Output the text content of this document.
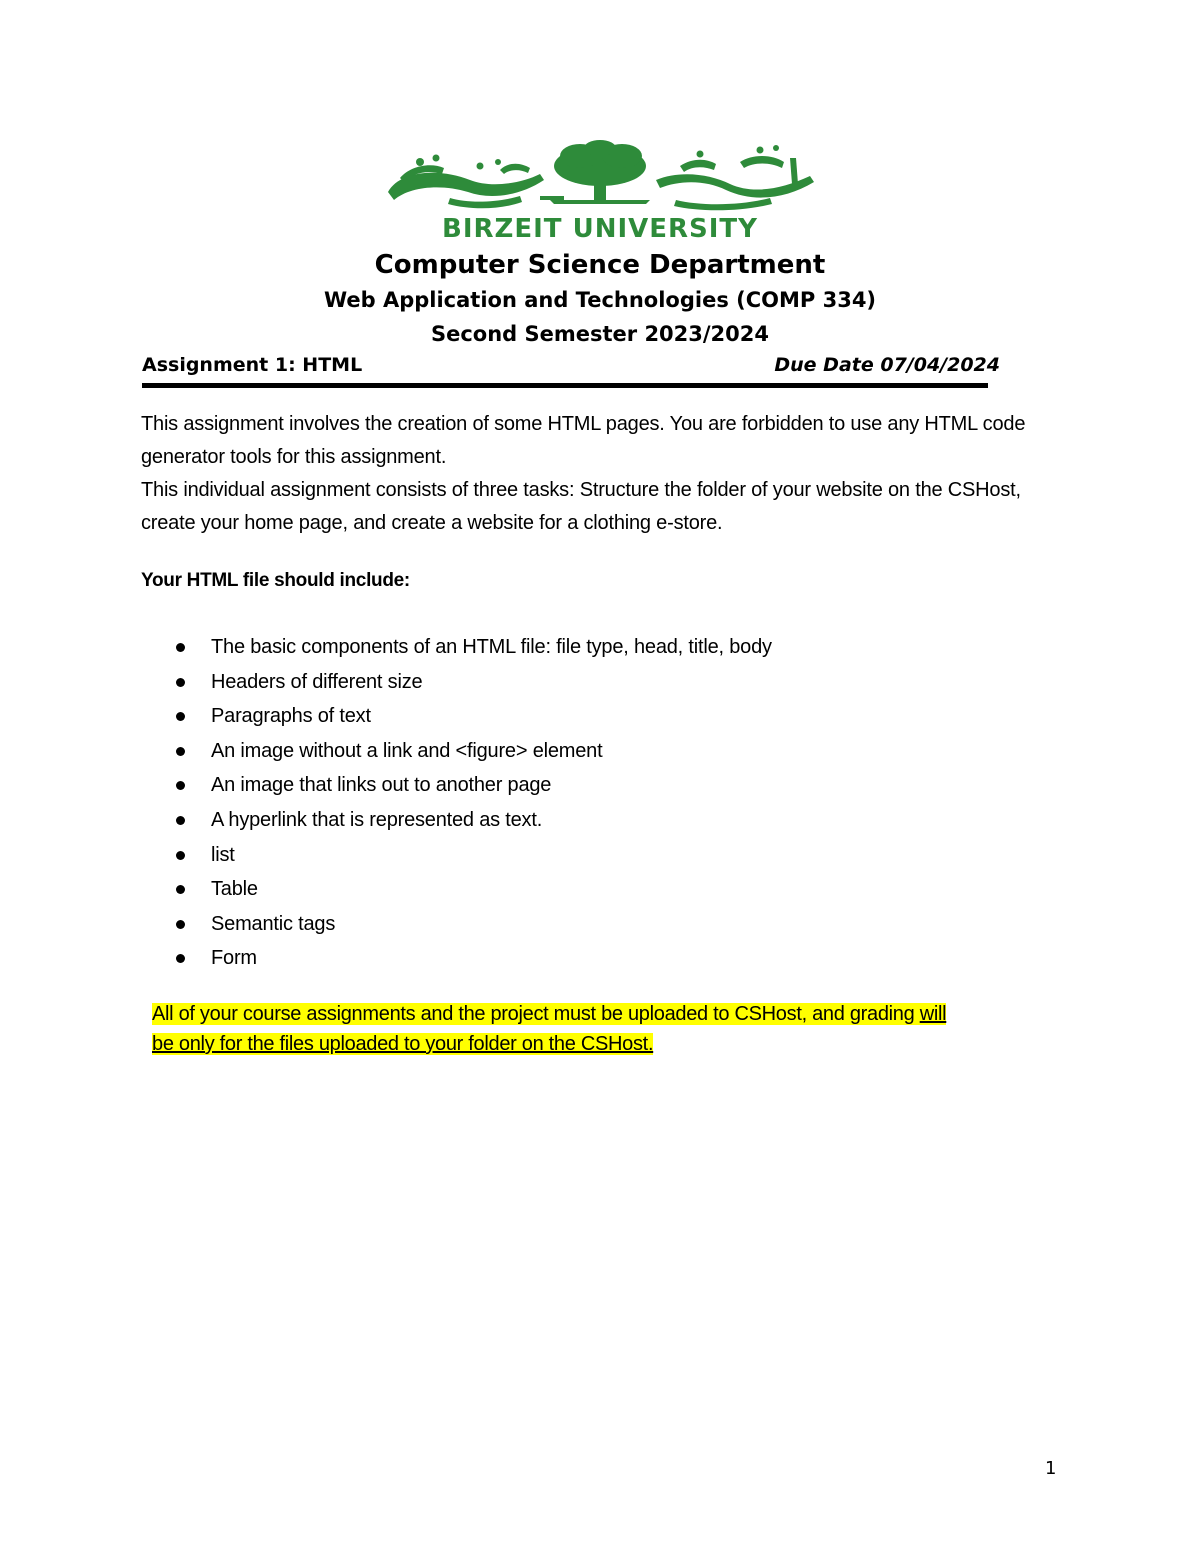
BIRZEIT UNIVERSITY
Computer Science Department
Web Application and Technologies (COMP 334)
Second Semester 2023/2024
Assignment 1: HTML	Due Date 07/04/2024
This assignment involves the creation of some HTML pages. You are forbidden to use any HTML code generator tools for this assignment.
This individual assignment consists of three tasks: Structure the folder of your website on the CSHost, create your home page, and create a website for a clothing e-store.
Your HTML file should include:
The basic components of an HTML file: file type, head, title, body
Headers of different size
Paragraphs of text
An image without a link and <figure> element
An image that links out to another page
A hyperlink that is represented as text.
list
Table
Semantic tags
Form
All of your course assignments and the project must be uploaded to CSHost, and grading will
be only for the files uploaded to your folder on the CSHost.
1
